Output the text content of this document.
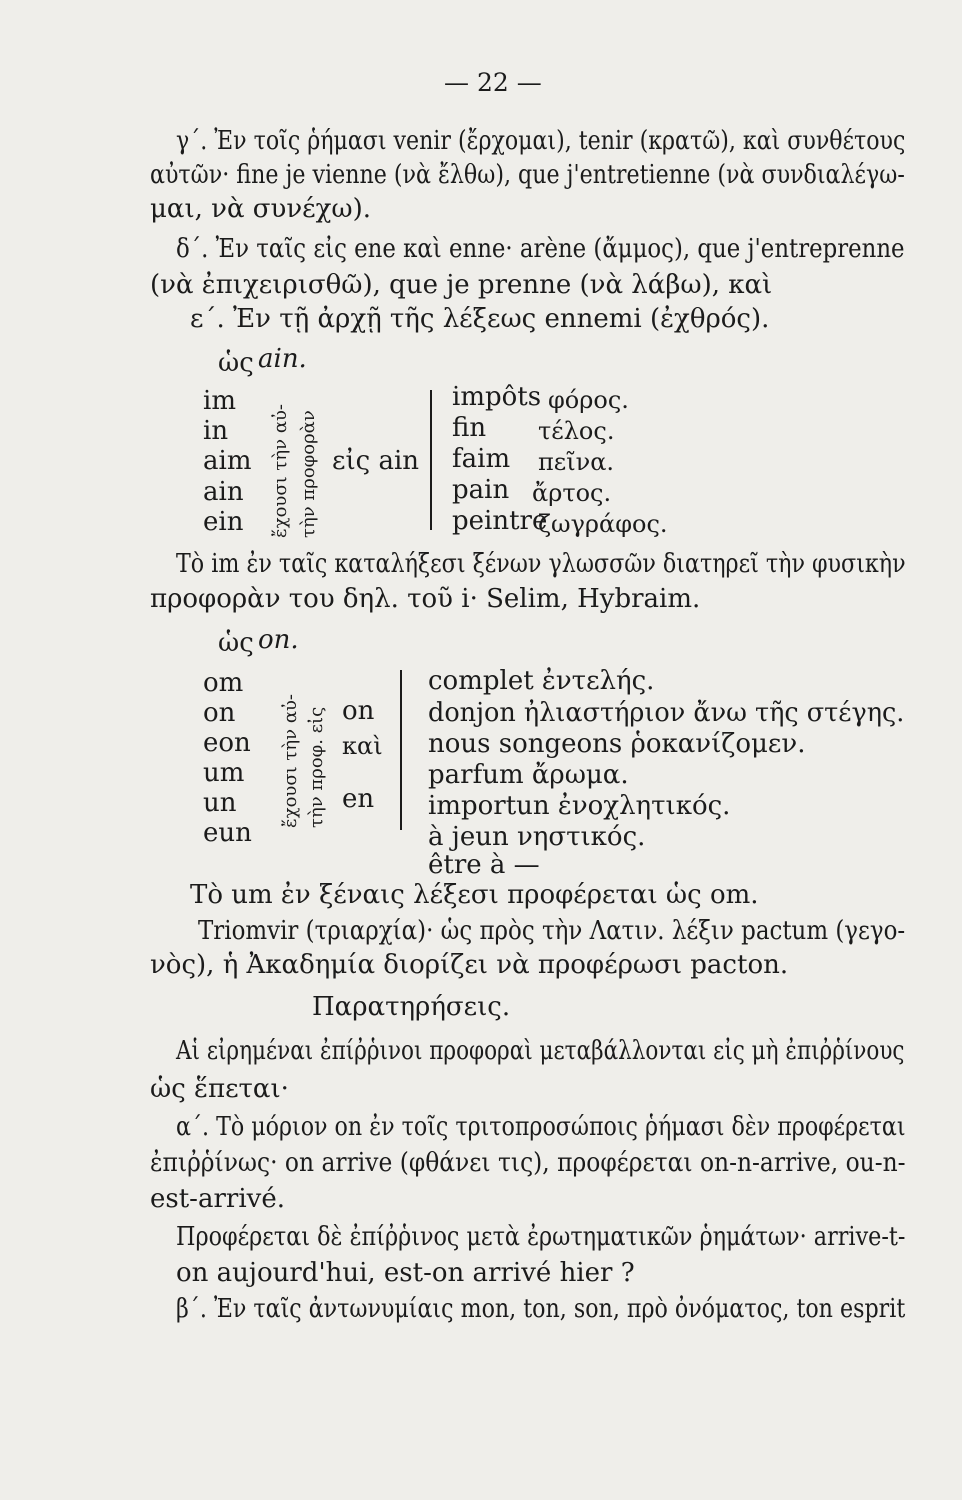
— 22 —
γ΄. Ἐν τοῖς ῥήμασι venir (ἔρχομαι), tenir (κρατῶ), καὶ συνθέτους
αὐτῶν· fine je vienne (νὰ ἔλθω), que j'entretienne (νὰ συνδιαλέγω-
μαι, νὰ συνέχω).
δ΄. Ἐν ταῖς εἰς ene καὶ enne· arène (ἄμμος), que j'entreprenne
(νὰ ἐπιχειρισθῶ), que je prenne (νὰ λάβω), καὶ
ε΄. Ἐν τῇ ἀρχῇ τῆς λέξεως ennemi (ἐχθρός).
ὡς ain.
im
in
aim
ain
ein ἔχουσι τὴν αὐ- τὴν προφορὰν εἰς ain
impôts φόρος.
fin τέλος.
faim πεῖνα.
pain ἄρτος.
peintre
ζωγράφος.
Τὸ im ἐν ταῖς καταλήξεσι ξένων γλωσσῶν διατηρεῖ τὴν φυσικὴν
προφορὰν του δηλ. τοῦ i· Selim, Hybraim.
ὡς on.
om
on
eon
um
un
eun
ἔχουσι τὴν αὐ- τὴν προφ. εἰς on
καὶ
en
complet ἐντελής.
donjon ἠλιαστήριον ἄνω τῆς στέγης.
nous songeons ῥοκανίζομεν.
parfum ἄρωμα.
importun ἐνοχλητικός.
à jeun νηστικός.
être à —
Τὸ um ἐν ξέναις λέξεσι προφέρεται ὡς om.
Triomvir (τριαρχία)· ὡς πρὸς τὴν Λατιν. λέξιν pactum (γεγο-
νὸς), ἡ Ἀκαδημία διορίζει νὰ προφέρωσι pacton.
Παρατηρήσεις.
Αἱ εἰρημέναι ἐπίῤῥινοι προφοραὶ μεταβάλλονται εἰς μὴ ἐπιῤῥίνους
ὡς ἕπεται·
α΄. Τὸ μόριον on ἐν τοῖς τριτοπροσώποις ῥήμασι δὲν προφέρεται
ἐπιῤῥίνως· on arrive (φθάνει τις), προφέρεται on-n-arrive, ou-n-
est-arrivé.
Προφέρεται δὲ ἐπίῤῥινος μετὰ ἐρωτηματικῶν ῥημάτων· arrive-t-
on aujourd'hui, est-on arrivé hier ?
β΄. Ἐν ταῖς ἀντωνυμίαις mon, ton, son, πρὸ ὀνόματος, ton esprit
